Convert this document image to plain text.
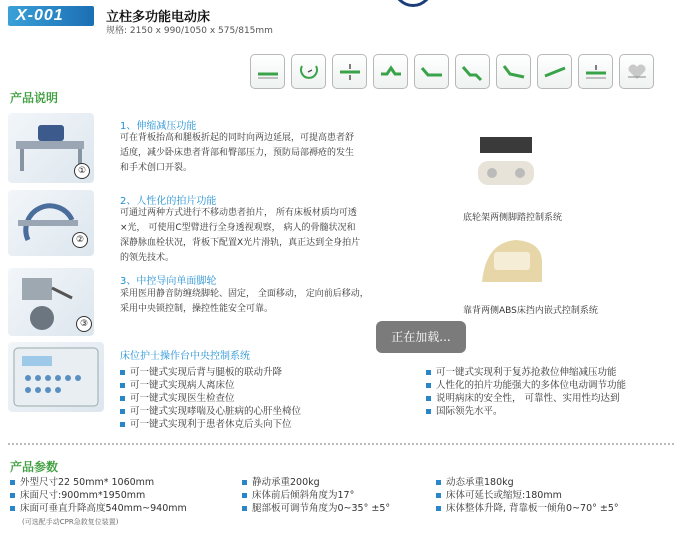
X-001	立柱多功能电动床
规格: 2150 x 990/1050 x 575/815mm
产品说明
①
1、伸缩减压功能
可在背板抬高和腿板折起的同时向两边延展，可提高患者舒
适度，减少卧床患者背部和臀部压力，预防局部褥疮的发生
和手术创口开裂。
②
2、人性化的拍片功能
可通过两种方式进行不移动患者拍片， 所有床板材质均可透
×光， 可使用C型臂进行全身透视观察， 病人的骨髓状况和
深静脉血栓状况，背板下配置X光片滑轨，真正达到全身拍片
的领先技术。
③
3、中控导向单面脚轮
采用医用静音防缠绕脚轮、固定， 全面移动， 定向前后移动，
采用中央锁控制，操控性能安全可靠。
底轮架两侧脚踏控制系统
靠背两侧ABS床挡内嵌式控制系统
床位护士操作台中央控制系统
可一键式实现后背与腿板的联动升降
可一键式实现病人离床位
可一键式实现医生检查位
可一键式实现哮喘及心脏病的心肝坐椅位
可一键式实现利于患者休克后头向下位
可一键式实现利于复苏抢救位伸缩减压功能
人性化的拍片功能强大的多体位电动调节功能
说明病床的安全性， 可靠性、实用性均达到
国际领先水平。
产品参数
外型尺寸22 50mm* 1060mm
床面尺寸:900mm*1950mm
床面可垂直升降高度540mm~940mm
(可选配手动CPR急救复位装置)
静动承重200kg
床体前后倾斜角度为17°
腿部板可调节角度为0~35° ±5°
动态承重180kg
床体可延长或缩短:180mm
床体整体升降, 背靠板一倾角0~70° ±5°
正在加载...
